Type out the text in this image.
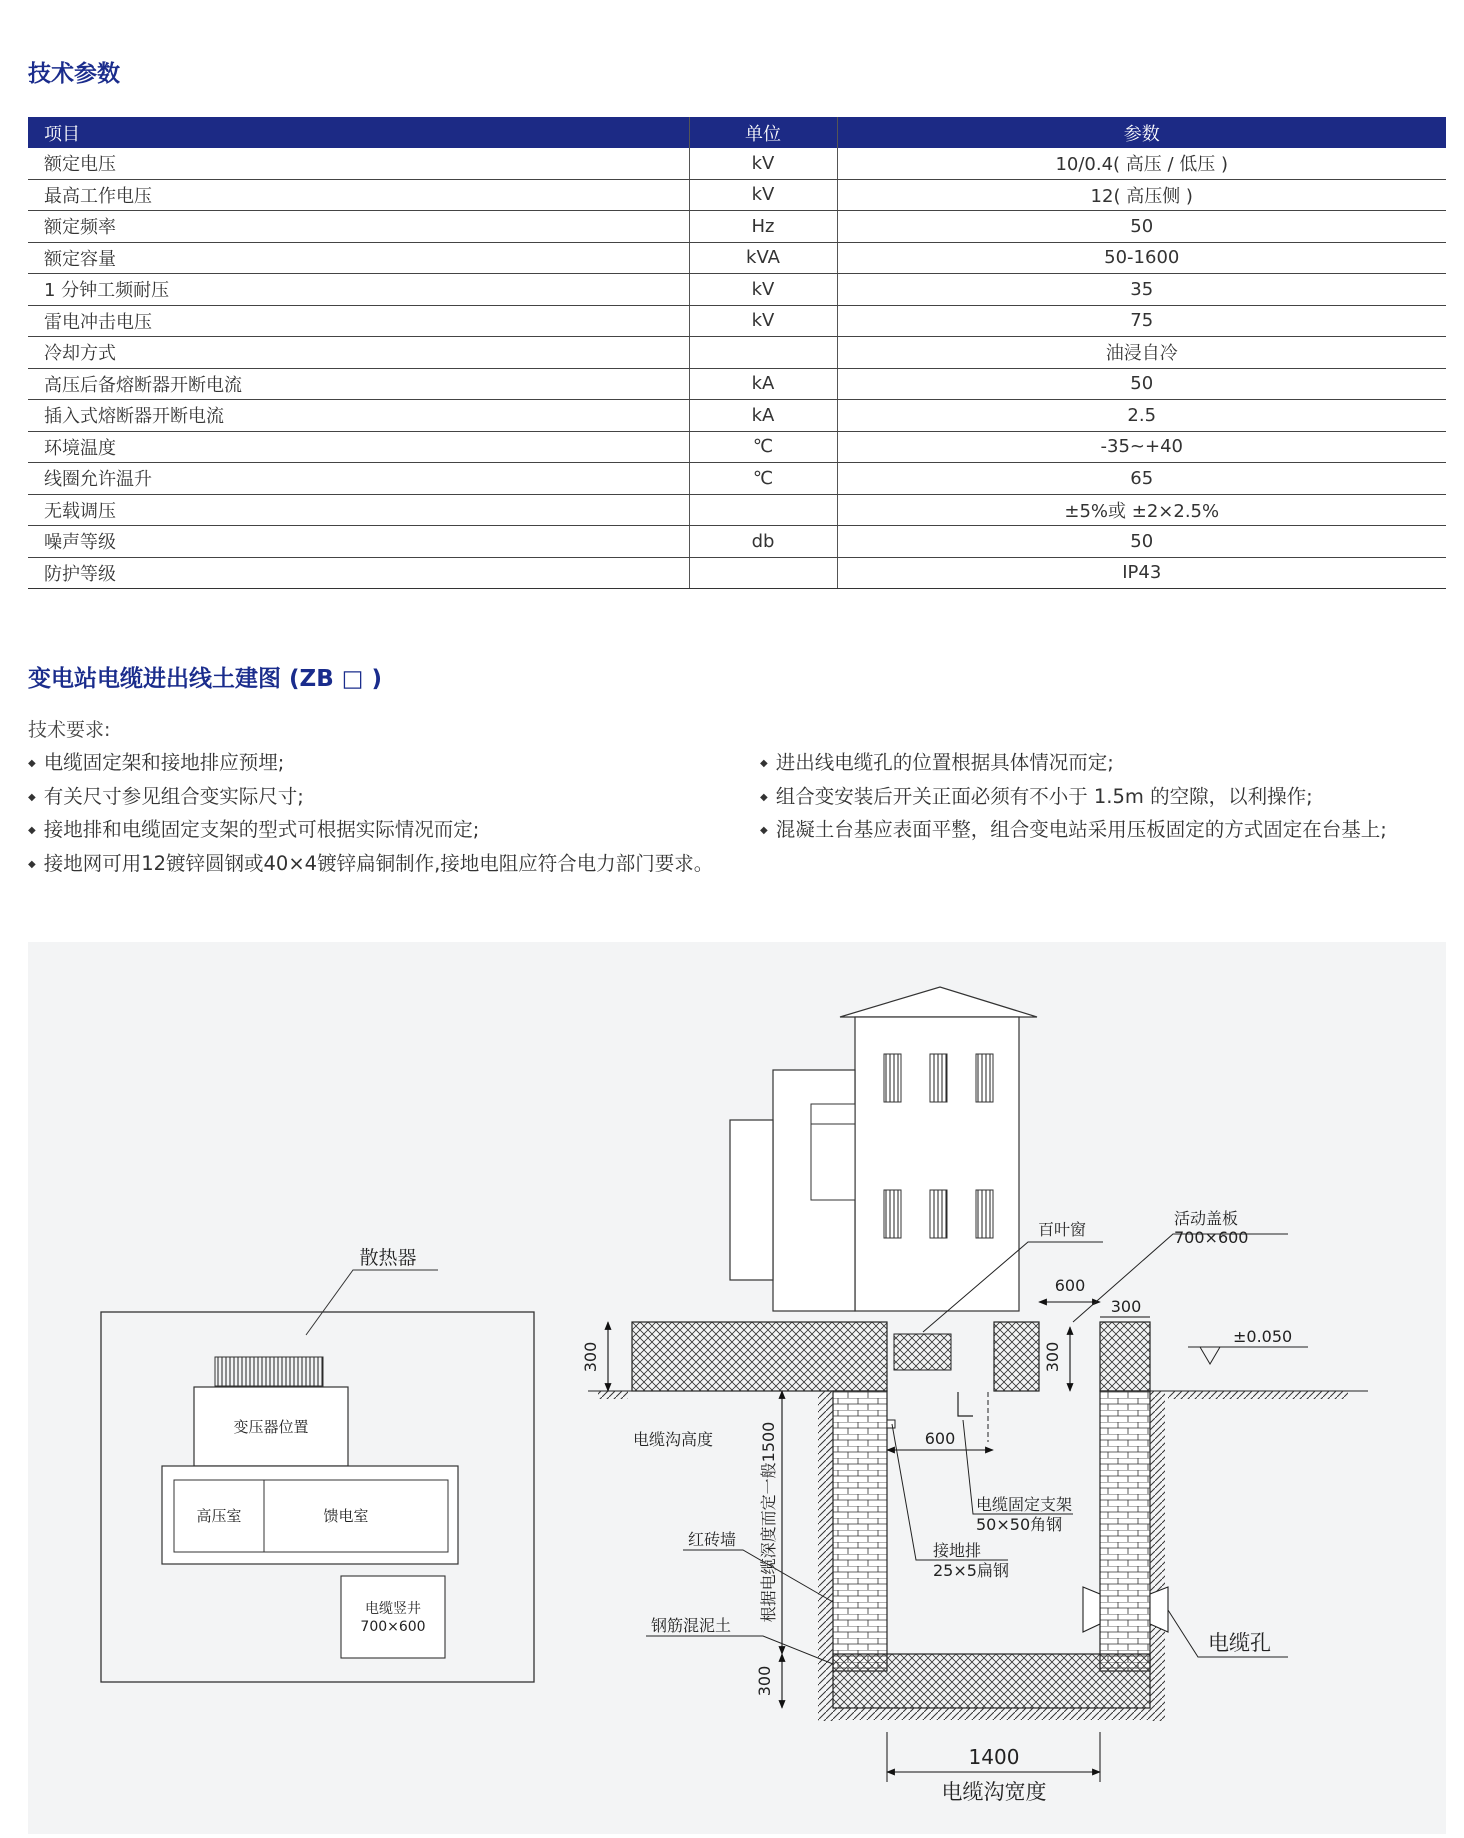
技术参数
项目	单位	参数
额定电压	kV	10/0.4( 高压 / 低压 )
最高工作电压	kV	12( 高压侧 )
额定频率	Hz	50
额定容量	kVA	50-1600
1 分钟工频耐压	kV	35
雷电冲击电压	kV	75
冷却方式		油浸自冷
高压后备熔断器开断电流	kA	50
插入式熔断器开断电流	kA	2.5
环境温度	℃	-35~+40
线圈允许温升	℃	65
无载调压		±5%或 ±2×2.5%
噪声等级	db	50
防护等级		IP43
变电站电缆进出线土建图 (ZB □ )
技术要求:
◆ 电缆固定架和接地排应预埋;
◆ 有关尺寸参见组合变实际尺寸;
◆ 接地排和电缆固定支架的型式可根据实际情况而定;
◆ 接地网可用12镀锌圆钢或40×4镀锌扁铜制作,接地电阻应符合电力部门要求。
◆ 进出线电缆孔的位置根据具体情况而定;
◆ 组合变安装后开关正面必须有不小于 1.5m 的空隙，以利操作;
◆ 混凝土台基应表面平整，组合变电站采用压板固定的方式固定在台基上;
散热器
变压器位置
高压室	馈电室
电缆竖井
700×600
300
600
300
300
±0.050
根据电缆深度而定一般1500
300
600
1400
电缆沟宽度
百叶窗
活动盖板
700×600
电缆沟高度
电缆固定支架
50×50角钢
接地排
25×5扁钢
红砖墙
电缆孔
钢筋混泥土
